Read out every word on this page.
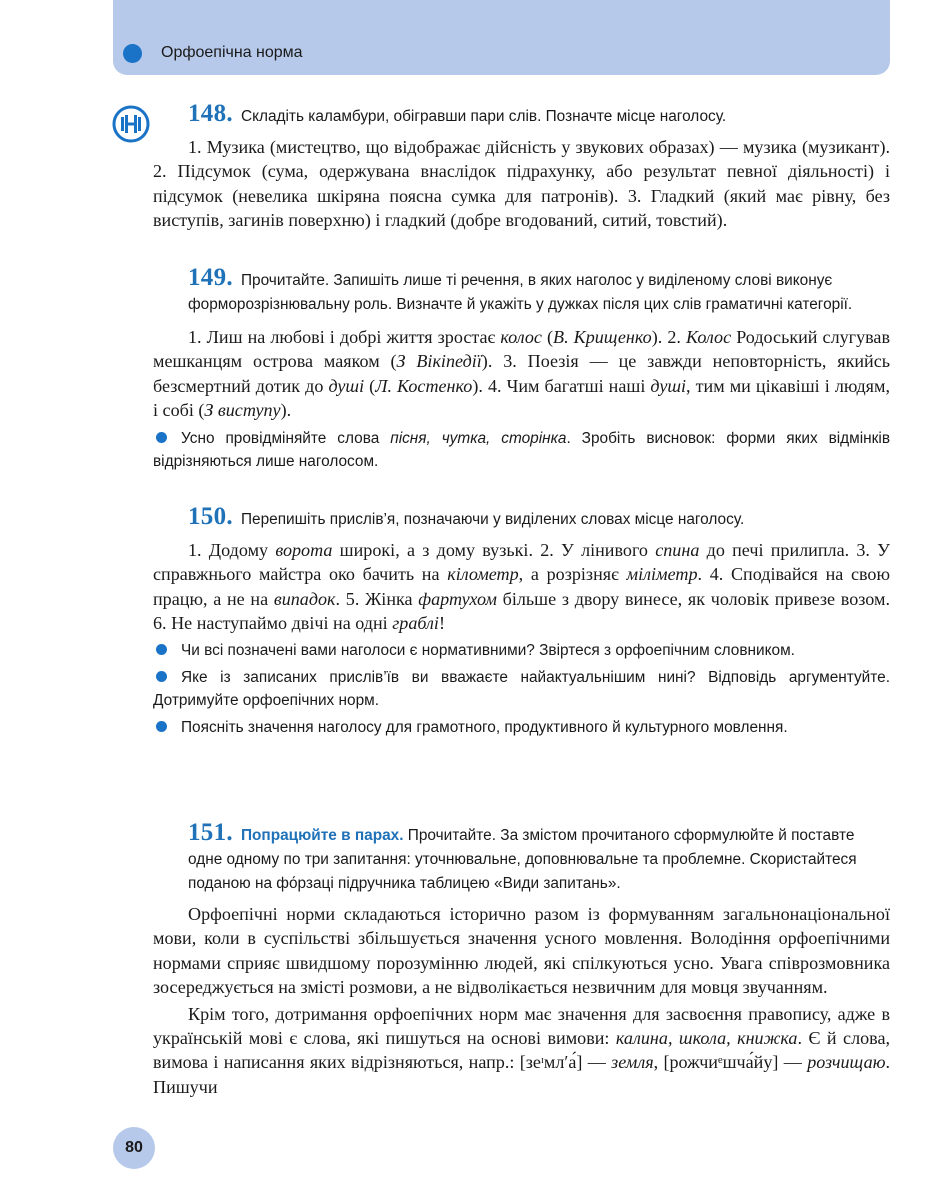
Орфоепічна норма
148. Складіть каламбури, обігравши пари слів. Позначте місце наголосу.

1. Музика (мистецтво, що відображає дійсність у звукових образах) — музика (музикант). 2. Підсумок (сума, одержувана внаслідок підрахунку, або результат певної діяльності) і підсумок (невелика шкіряна поясна сумка для патронів). 3. Гладкий (який має рівну, без виступів, загинів поверхню) і гладкий (добре вгодований, ситий, товстий).

149. Прочитайте. Запишіть лише ті речення, в яких наголос у виділеному слові виконує форморозрізнювальну роль. Визначте й укажіть у дужках після цих слів граматичні категорії.

1. Лиш на любові і добрі життя зростає колос (В. Крищенко). 2. Колос Родоський слугував мешканцям острова маяком (З Вікіпедії). 3. Поезія — це завжди неповторність, якийсь безсмертний дотик до душі (Л. Костенко). 4. Чим багатші наші душі, тим ми цікавіші і людям, і собі (З виступу).

Усно провідміняйте слова пісня, чутка, сторінка. Зробіть висновок: форми яких відмінків відрізняються лише наголосом.
150. Перепишіть прислів’я, позначаючи у виділених словах місце наголосу.

1. Додому ворота широкі, а з дому вузькі. 2. У лінивого спина до печі прилипла. 3. У справжнього майстра око бачить на кілометр, а розрізняє міліметр. 4. Сподівайся на свою працю, а не на випадок. 5. Жінка фартухом більше з двору винесе, як чоловік привезе возом. 6. Не наступаймо двічі на одні граблі!

Чи всі позначені вами наголоси є нормативними? Звіртеся з орфоепічним словником.
Яке із записаних прислів’їв ви вважаєте найактуальнішим нині? Відповідь аргументуйте. Дотримуйте орфоепічних норм.
Поясніть значення наголосу для грамотного, продуктивного й культурного мовлення.
151. Попрацюйте в парах. Прочитайте. За змістом прочитаного сформулюйте й поставте одне одному по три запитання: уточнювальне, доповнювальне та проблемне. Скористайтеся поданою на фо́рзаці підручника таблицею «Види запитань».

Орфоепічні норми складаються історично разом із формуванням загальнонаціональної мови, коли в суспільстві збільшується значення усного мовлення. Володіння орфоепічними нормами сприяє швидшому порозумінню людей, які спілкуються усно. Увага співрозмовника зосереджується на змісті розмови, а не відволікається незвичним для мовця звучанням.

Крім того, дотримання орфоепічних норм має значення для засвоєння правопису, адже в українській мові є слова, які пишуться на основі вимови: калина, школа, книжка. Є й слова, вимова і написання яких відрізняються, напр.: [зеᶦмл′а́] — земля, [рожчиᵉшча́йу] — розчищаю. Пишучи

80
